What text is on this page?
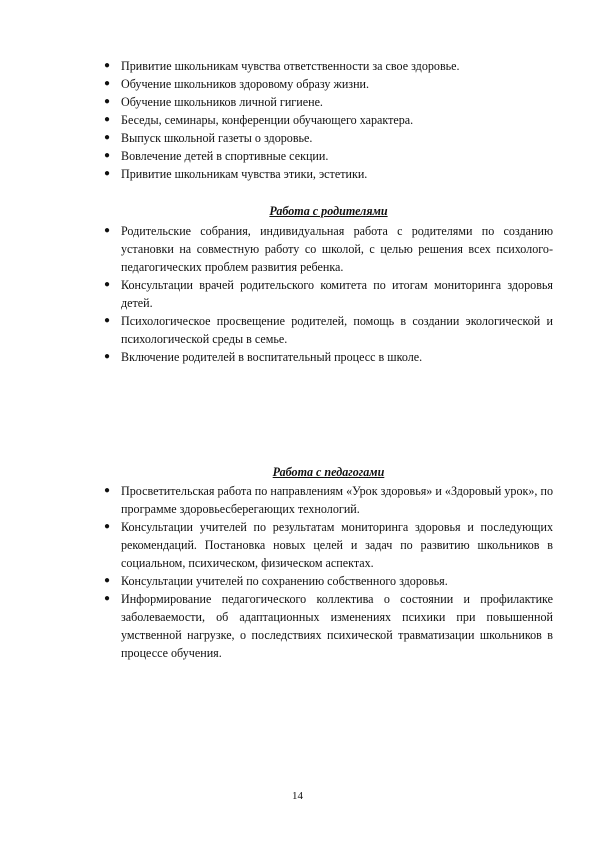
● Привитие школьникам чувства ответственности за свое здоровье.
● Обучение школьников здоровому образу жизни.
● Обучение школьников личной гигиене.
● Беседы, семинары, конференции обучающего характера.
● Выпуск школьной газеты о здоровье.
● Вовлечение детей в спортивные секции.
● Привитие школьникам чувства этики, эстетики.
Работа с родителями
● Родительские собрания, индивидуальная работа с родителями по созданию установки на совместную работу со школой, с целью решения всех психолого-педагогических проблем развития ребенка.
● Консультации врачей родительского комитета по итогам мониторинга здоровья детей.
● Психологическое просвещение родителей, помощь в создании экологической и психологической среды в семье.
● Включение родителей в воспитательный процесс в школе.
Работа с педагогами
● Просветительская работа по направлениям «Урок здоровья» и «Здоровый урок», по программе здоровьесберегающих технологий.
● Консультации учителей по результатам мониторинга здоровья и последующих рекомендаций. Постановка новых целей и задач по развитию школьников в социальном, психическом, физическом аспектах.
● Консультации учителей по сохранению собственного здоровья.
● Информирование педагогического коллектива о состоянии и профилактике заболеваемости, об адаптационных изменениях психики при повышенной умственной нагрузке, о последствиях психической травматизации школьников в процессе обучения.
14
